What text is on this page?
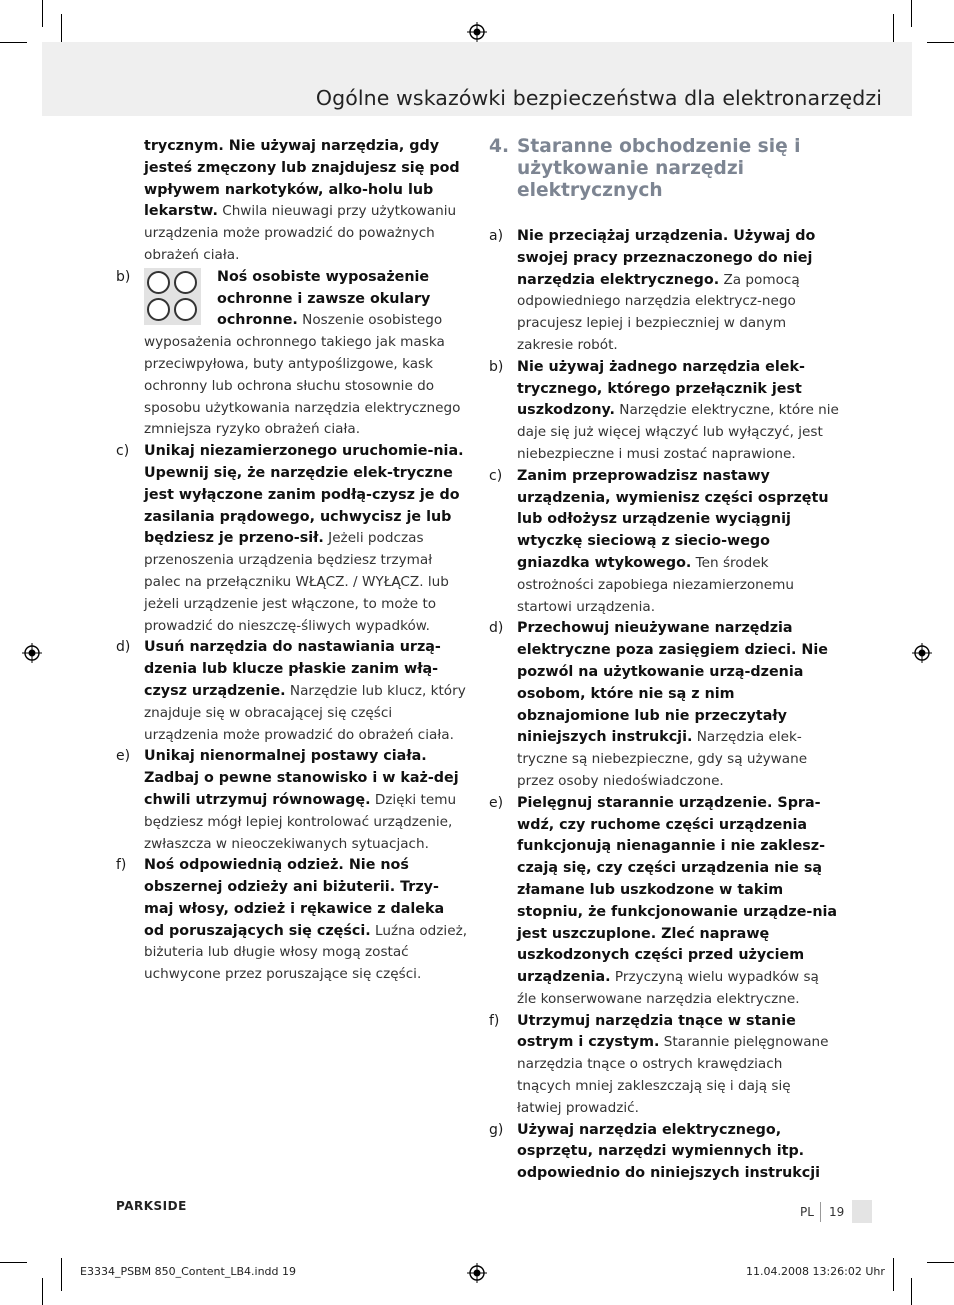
Ogólne wskazówki bezpieczeństwa dla elektronarzędzi
trycznym. Nie używaj narzędzia, gdy jesteś zmęczony lub znajdujesz się pod wpływem narkotyków, alko-holu lub lekarstw. Chwila nieuwagi przy użytkowaniu urządzenia może prowadzić do poważnych obrażeń ciała.
b)	Noś osobiste wyposażenie ochronne i zawsze okulary ochronne. Noszenie osobistego wyposażenia ochronnego takiego jak maska przeciwpyłowa, buty antypoślizgowe, kask ochronny lub ochrona słuchu stosownie do sposobu użytkowania narzędzia elektrycznego zmniejsza ryzyko obrażeń ciała.
c) Unikaj niezamierzonego uruchomie-nia. Upewnij się, że narzędzie elek-tryczne jest wyłączone zanim podłą-czysz je do zasilania prądowego, uchwycisz je lub będziesz je przeno-sił. Jeżeli podczas przenoszenia urządzenia będziesz trzymał palec na przełączniku WŁĄCZ. / WYŁĄCZ. lub jeżeli urządzenie jest włączone, to może to prowadzić do nieszczę-śliwych wypadków.
d) Usuń narzędzia do nastawiania urzą-dzenia lub klucze płaskie zanim włą-czysz urządzenie. Narzędzie lub klucz, który znajduje się w obracającej się części urządzenia może prowadzić do obrażeń ciała.
e) Unikaj nienormalnej postawy ciała. Zadbaj o pewne stanowisko i w każ-dej chwili utrzymuj równowagę. Dzięki temu będziesz mógł lepiej kontrolować urządzenie, zwłaszcza w nieoczekiwanych sytuacjach.
f) Noś odpowiednią odzież. Nie noś obszernej odzieży ani biżuterii. Trzy-maj włosy, odzież i rękawice z daleka od poruszających się części. Luźna odzież, biżuteria lub długie włosy mogą zostać uchwycone przez poruszające się części.
4. Staranne obchodzenie się i użytkowanie narzędzi elektrycznych
a) Nie przeciążaj urządzenia. Używaj do swojej pracy przeznaczonego do niej narzędzia elektrycznego. Za pomocą odpowiedniego narzędzia elektrycz-nego pracujesz lepiej i bezpieczniej w danym zakresie robót.
b) Nie używaj żadnego narzędzia elek-trycznego, którego przełącznik jest uszkodzony. Narzędzie elektryczne, które nie daje się już więcej włączyć lub wyłączyć, jest niebezpieczne i musi zostać naprawione.
c) Zanim przeprowadzisz nastawy urządzenia, wymienisz części osprzętu lub odłożysz urządzenie wyciągnij wtyczkę sieciową z siecio-wego gniazdka wtykowego. Ten środek ostrożności zapobiega niezamierzonemu startowi urządzenia.
d) Przechowuj nieużywane narzędzia elektryczne poza zasięgiem dzieci. Nie pozwól na użytkowanie urzą-dzenia osobom, które nie są z nim obznajomione lub nie przeczytały niniejszych instrukcji. Narzędzia elek-tryczne są niebezpieczne, gdy są używane przez osoby niedoświadczone.
e) Pielęgnuj starannie urządzenie. Spra-wdź, czy ruchome części urządzenia funkcjonują nienagannie i nie zaklesz-czają się, czy części urządzenia nie są złamane lub uszkodzone w takim stopniu, że funkcjonowanie urządze-nia jest uszczuplone. Zleć naprawę uszkodzonych części przed użyciem urządzenia. Przyczyną wielu wypadków są źle konserwowane narzędzia elektryczne.
f) Utrzymuj narzędzia tnące w stanie ostrym i czystym. Starannie pielęgnowane narzędzia tnące o ostrych krawędziach tnących mniej zakleszczają się i dają się łatwiej prowadzić.
g) Używaj narzędzia elektrycznego, osprzętu, narzędzi wymiennych itp. odpowiednio do niniejszych instrukcji
PARKSIDE	PL 19
E3334_PSBM 850_Content_LB4.indd 19	11.04.2008 13:26:02 Uhr
